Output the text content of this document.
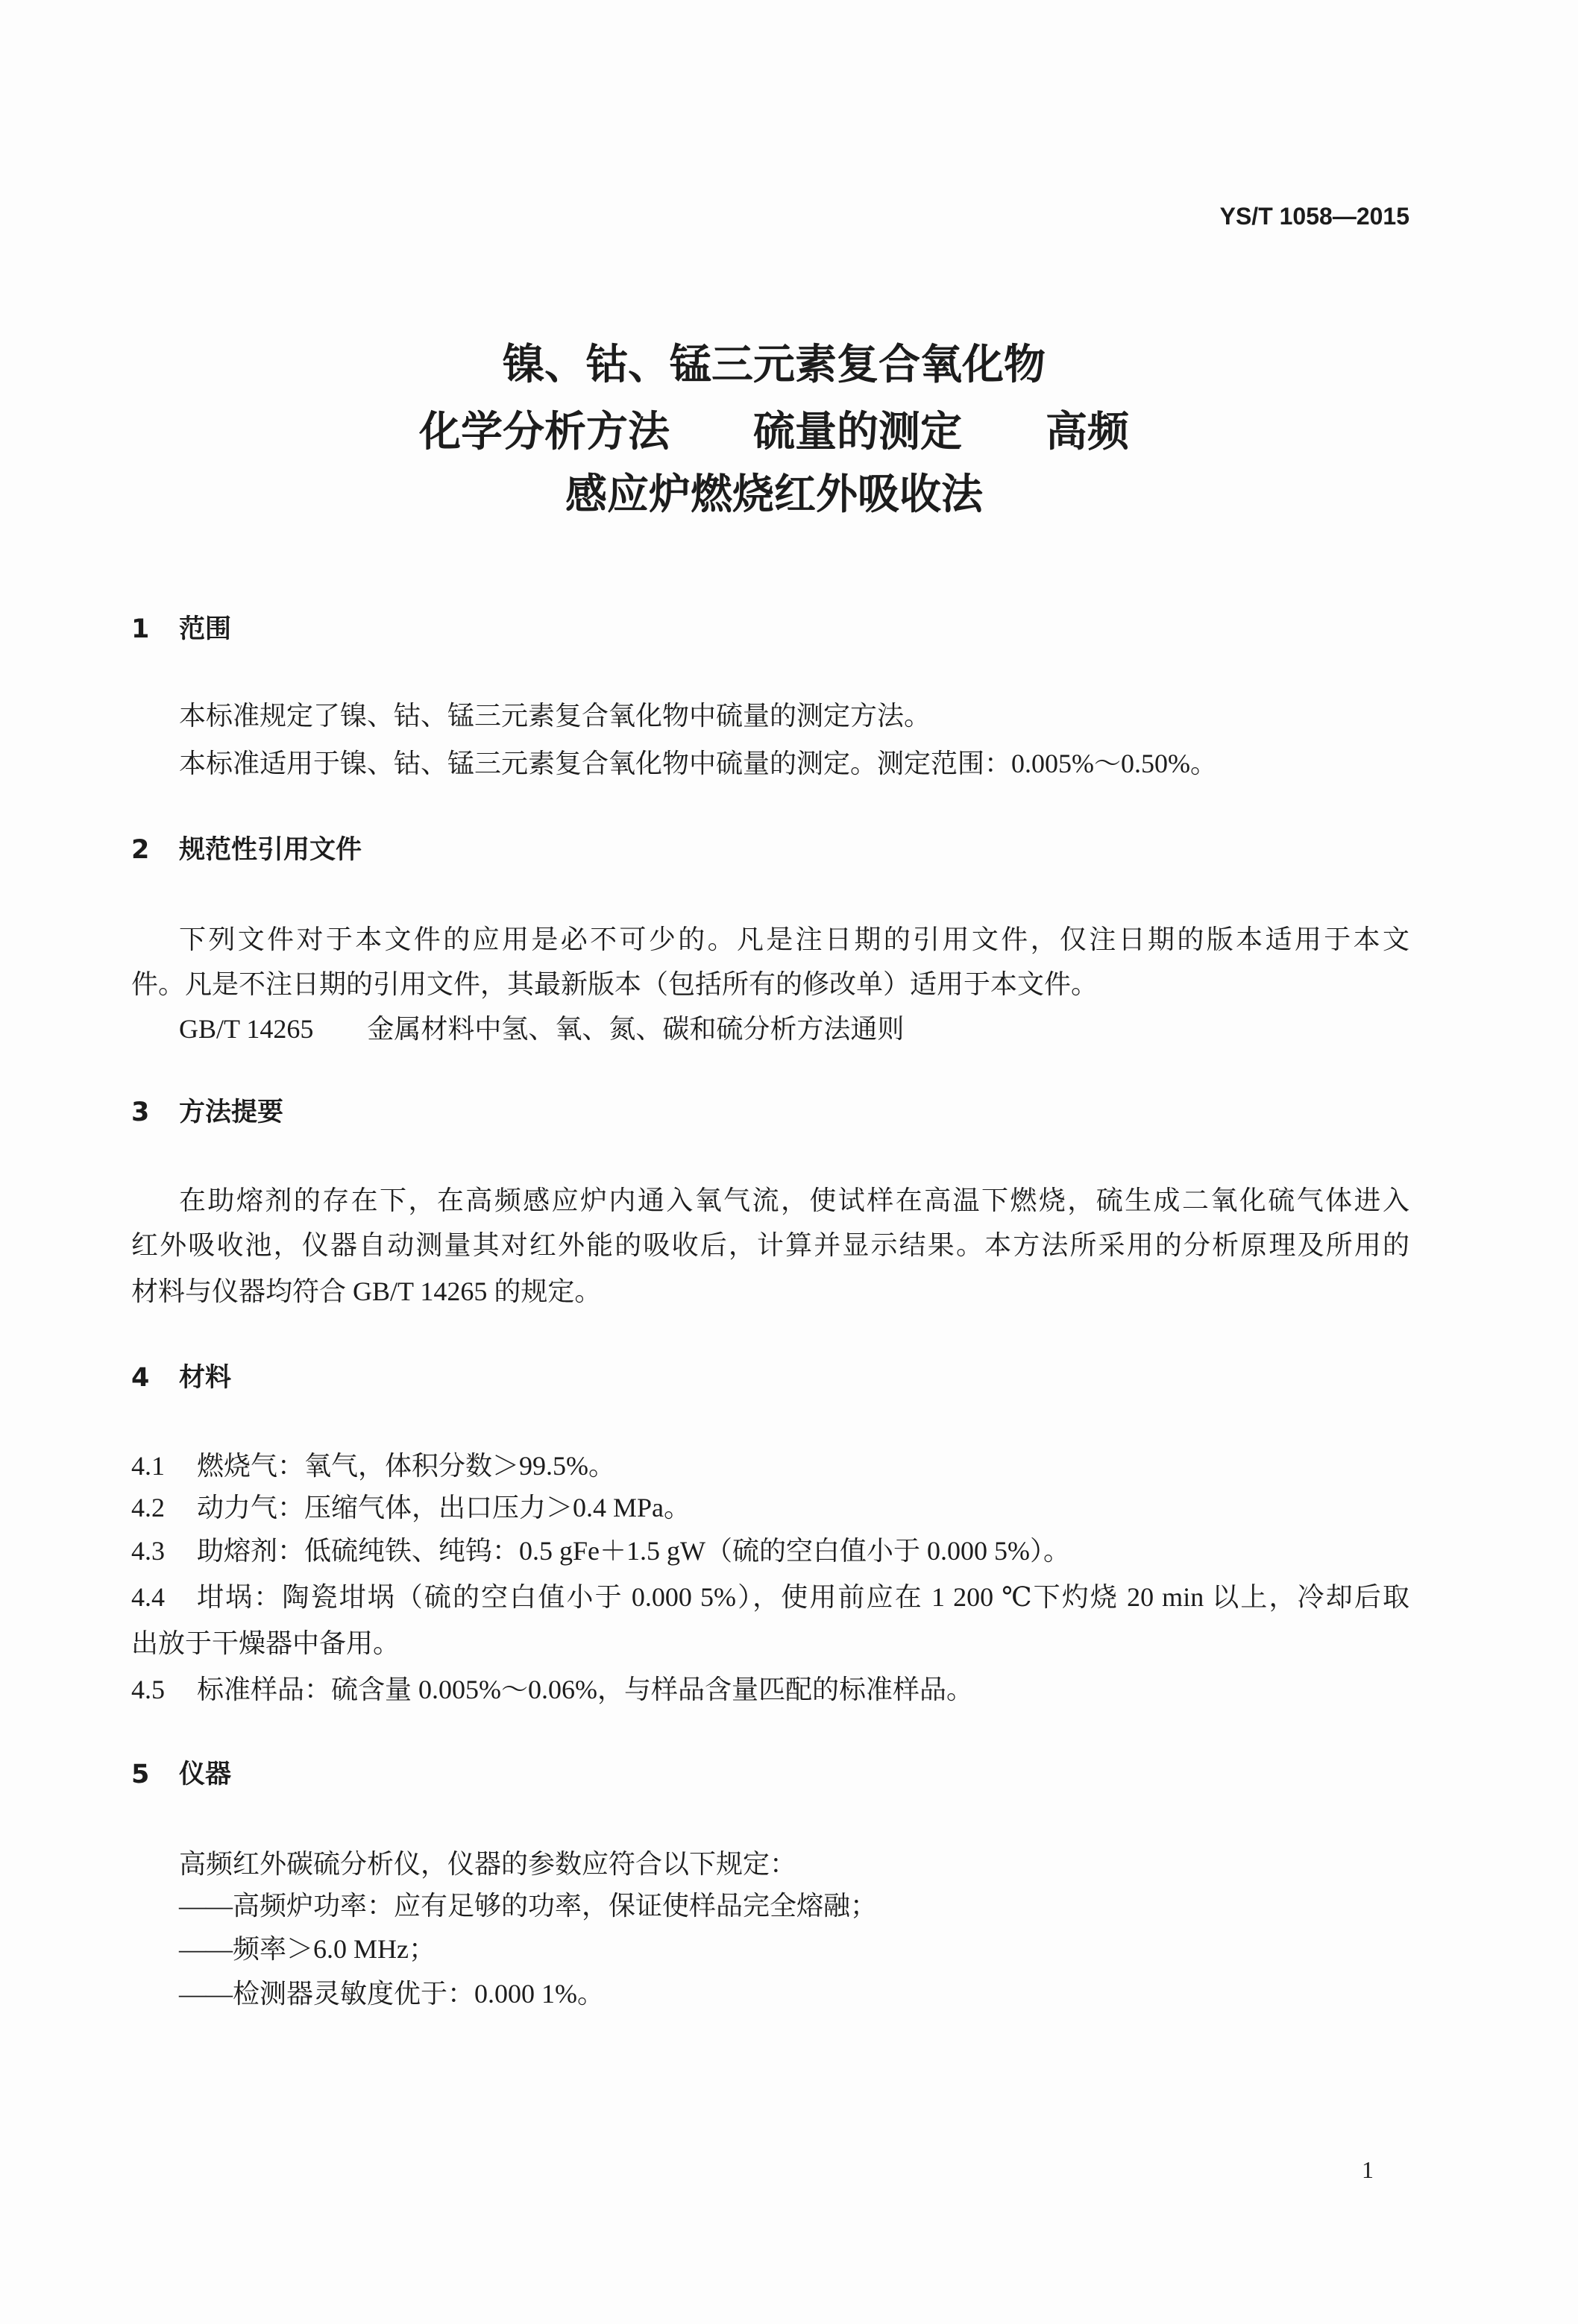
YS/T 1058—2015
镍、钴、锰三元素复合氧化物
化学分析方法　　硫量的测定　　高频
感应炉燃烧红外吸收法
1 范围
本标准规定了镍、钴、锰三元素复合氧化物中硫量的测定方法。
本标准适用于镍、钴、锰三元素复合氧化物中硫量的测定。测定范围：0.005%～0.50%。
2 规范性引用文件
下列文件对于本文件的应用是必不可少的。凡是注日期的引用文件，仅注日期的版本适用于本文
件。凡是不注日期的引用文件，其最新版本（包括所有的修改单）适用于本文件。
GB/T 14265 金属材料中氢、氧、氮、碳和硫分析方法通则
3 方法提要
在助熔剂的存在下，在高频感应炉内通入氧气流，使试样在高温下燃烧，硫生成二氧化硫气体进入
红外吸收池，仪器自动测量其对红外能的吸收后，计算并显示结果。本方法所采用的分析原理及所用的
材料与仪器均符合 GB/T 14265 的规定。
4 材料
4.1 燃烧气：氧气，体积分数＞99.5%。
4.2 动力气：压缩气体，出口压力＞0.4 MPa。
4.3 助熔剂：低硫纯铁、纯钨：0.5 gFe＋1.5 gW（硫的空白值小于 0.000 5%）。
4.4 坩埚：陶瓷坩埚（硫的空白值小于 0.000 5%），使用前应在 1 200 ℃下灼烧 20 min 以上，冷却后取
出放于干燥器中备用。
4.5 标准样品：硫含量 0.005%～0.06%，与样品含量匹配的标准样品。
5 仪器
高频红外碳硫分析仪，仪器的参数应符合以下规定：
——高频炉功率：应有足够的功率，保证使样品完全熔融；
——频率＞6.0 MHz；
——检测器灵敏度优于：0.000 1%。
1
